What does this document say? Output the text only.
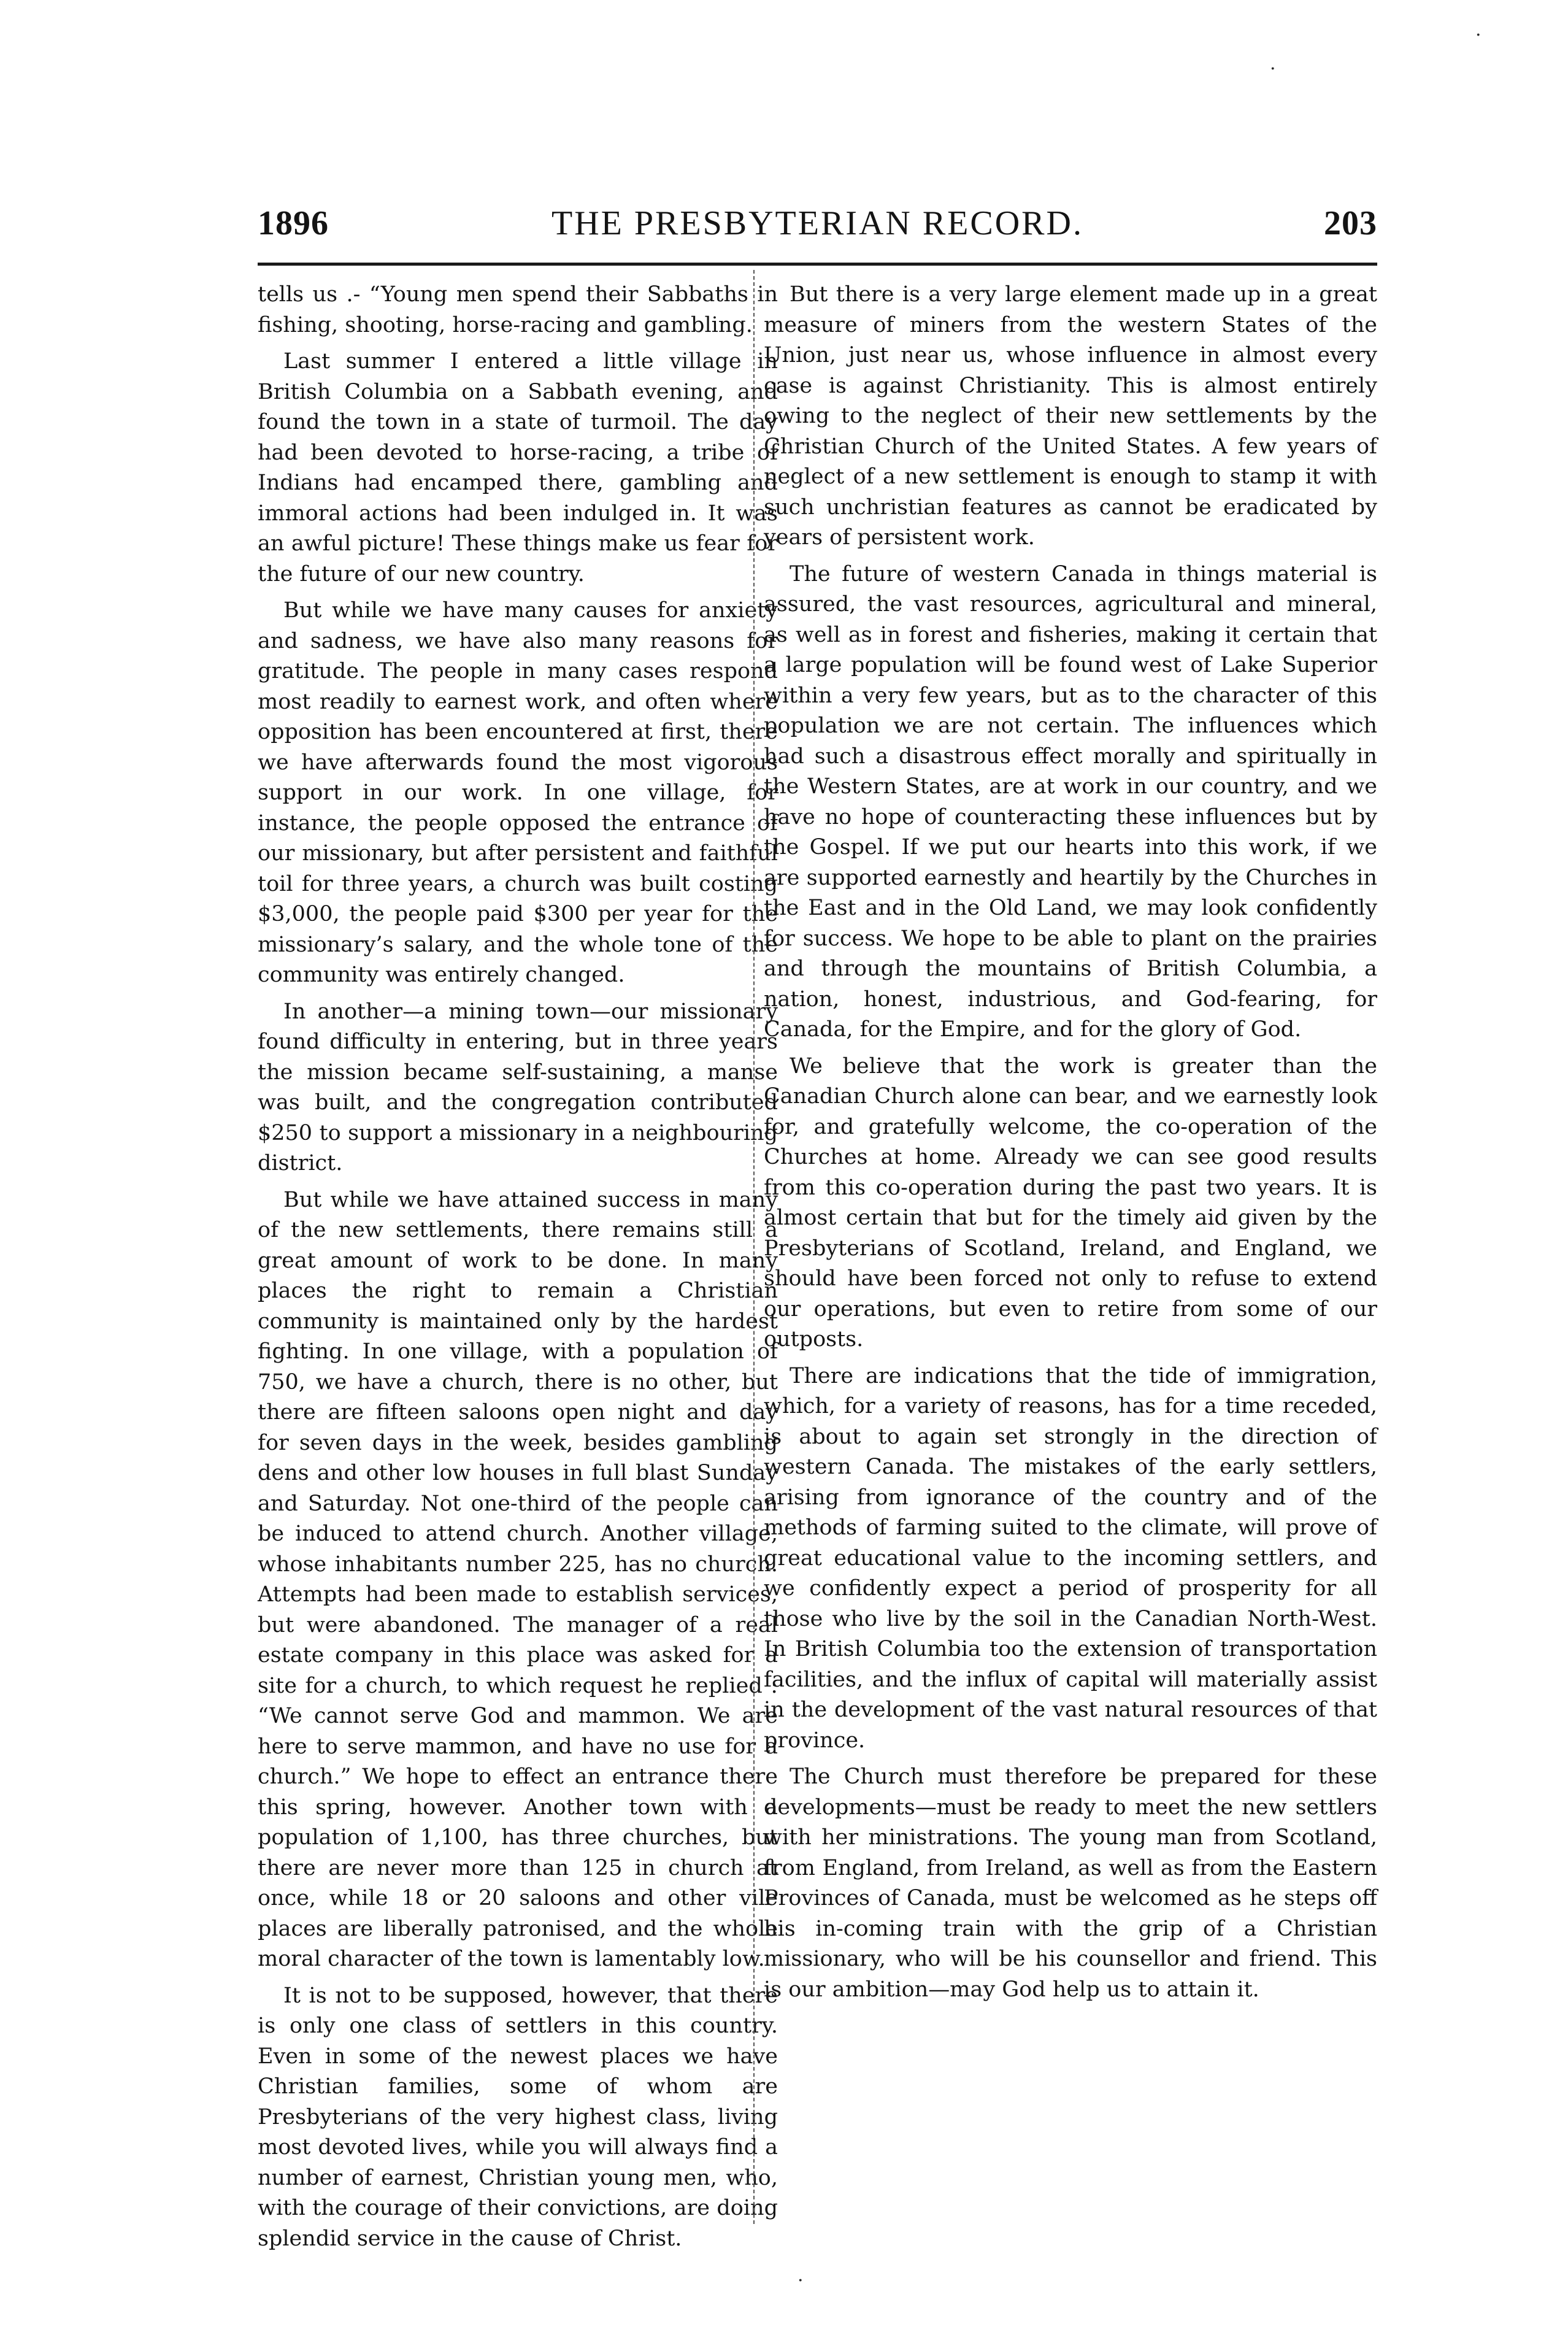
1896	THE PRESBYTERIAN RECORD.	203

tells us .- “Young men spend their Sabbaths in fishing, shooting, horse-racing and gambling.

Last summer I entered a little village in British Columbia on a Sabbath evening, and found the town in a state of turmoil. The day had been devoted to horse-racing, a tribe of Indians had encamped there, gambling and immoral actions had been indulged in. It was an awful picture! These things make us fear for the future of our new country.

But while we have many causes for anxiety and sadness, we have also many reasons for gratitude. The people in many cases respond most readily to earnest work, and often where opposition has been encountered at first, there we have afterwards found the most vigorous support in our work. In one village, for instance, the people opposed the entrance of our missionary, but after persistent and faithful toil for three years, a church was built costing $3,000, the people paid $300 per year for the missionary’s salary, and the whole tone of the community was entirely changed.

In another—a mining town—our missionary found difficulty in entering, but in three years the mission became self-sustaining, a manse was built, and the congregation contributed $250 to support a missionary in a neighbouring district.

But while we have attained success in many of the new settlements, there remains still a great amount of work to be done. In many places the right to remain a Christian community is maintained only by the hardest fighting. In one village, with a population of 750, we have a church, there is no other, but there are fifteen saloons open night and day for seven days in the week, besides gambling dens and other low houses in full blast Sunday and Saturday. Not one-third of the people can be induced to attend church. Another village, whose inhabitants number 225, has no church. Attempts had been made to establish services, but were abandoned. The manager of a real estate company in this place was asked for a site for a church, to which request he replied : “We cannot serve God and mammon. We are here to serve mammon, and have no use for a church.” We hope to effect an entrance there this spring, however. Another town with a population of 1,100, has three churches, but there are never more than 125 in church at once, while 18 or 20 saloons and other vile places are liberally patronised, and the whole moral character of the town is lamentably low.

It is not to be supposed, however, that there is only one class of settlers in this country. Even in some of the newest places we have Christian families, some of whom are Presbyterians of the very highest class, living most devoted lives, while you will always find a number of earnest, Christian young men, who, with the courage of their convictions, are doing splendid service in the cause of Christ.

But there is a very large element made up in a great measure of miners from the western States of the Union, just near us, whose influence in almost every case is against Christianity. This is almost entirely owing to the neglect of their new settlements by the Christian Church of the United States. A few years of neglect of a new settlement is enough to stamp it with such unchristian features as cannot be eradicated by years of persistent work.

The future of western Canada in things material is assured, the vast resources, agricultural and mineral, as well as in forest and fisheries, making it certain that a large population will be found west of Lake Superior within a very few years, but as to the character of this population we are not certain. The influences which had such a disastrous effect morally and spiritually in the Western States, are at work in our country, and we have no hope of counteracting these influences but by the Gospel. If we put our hearts into this work, if we are supported earnestly and heartily by the Churches in the East and in the Old Land, we may look confidently for success. We hope to be able to plant on the prairies and through the mountains of British Columbia, a nation, honest, industrious, and God-fearing, for Canada, for the Empire, and for the glory of God.

We believe that the work is greater than the Canadian Church alone can bear, and we earnestly look for, and gratefully welcome, the co-operation of the Churches at home. Already we can see good results from this co-operation during the past two years. It is almost certain that but for the timely aid given by the Presbyterians of Scotland, Ireland, and England, we should have been forced not only to refuse to extend our operations, but even to retire from some of our outposts.

There are indications that the tide of immigration, which, for a variety of reasons, has for a time receded, is about to again set strongly in the direction of western Canada. The mistakes of the early settlers, arising from ignorance of the country and of the methods of farming suited to the climate, will prove of great educational value to the incoming settlers, and we confidently expect a period of prosperity for all those who live by the soil in the Canadian North-West. In British Columbia too the extension of transportation facilities, and the influx of capital will materially assist in the development of the vast natural resources of that province.

The Church must therefore be prepared for these developments—must be ready to meet the new settlers with her ministrations. The young man from Scotland, from England, from Ireland, as well as from the Eastern Provinces of Canada, must be welcomed as he steps off his in-coming train with the grip of a Christian missionary, who will be his counsellor and friend. This is our ambition—may God help us to attain it.

·
·
·
